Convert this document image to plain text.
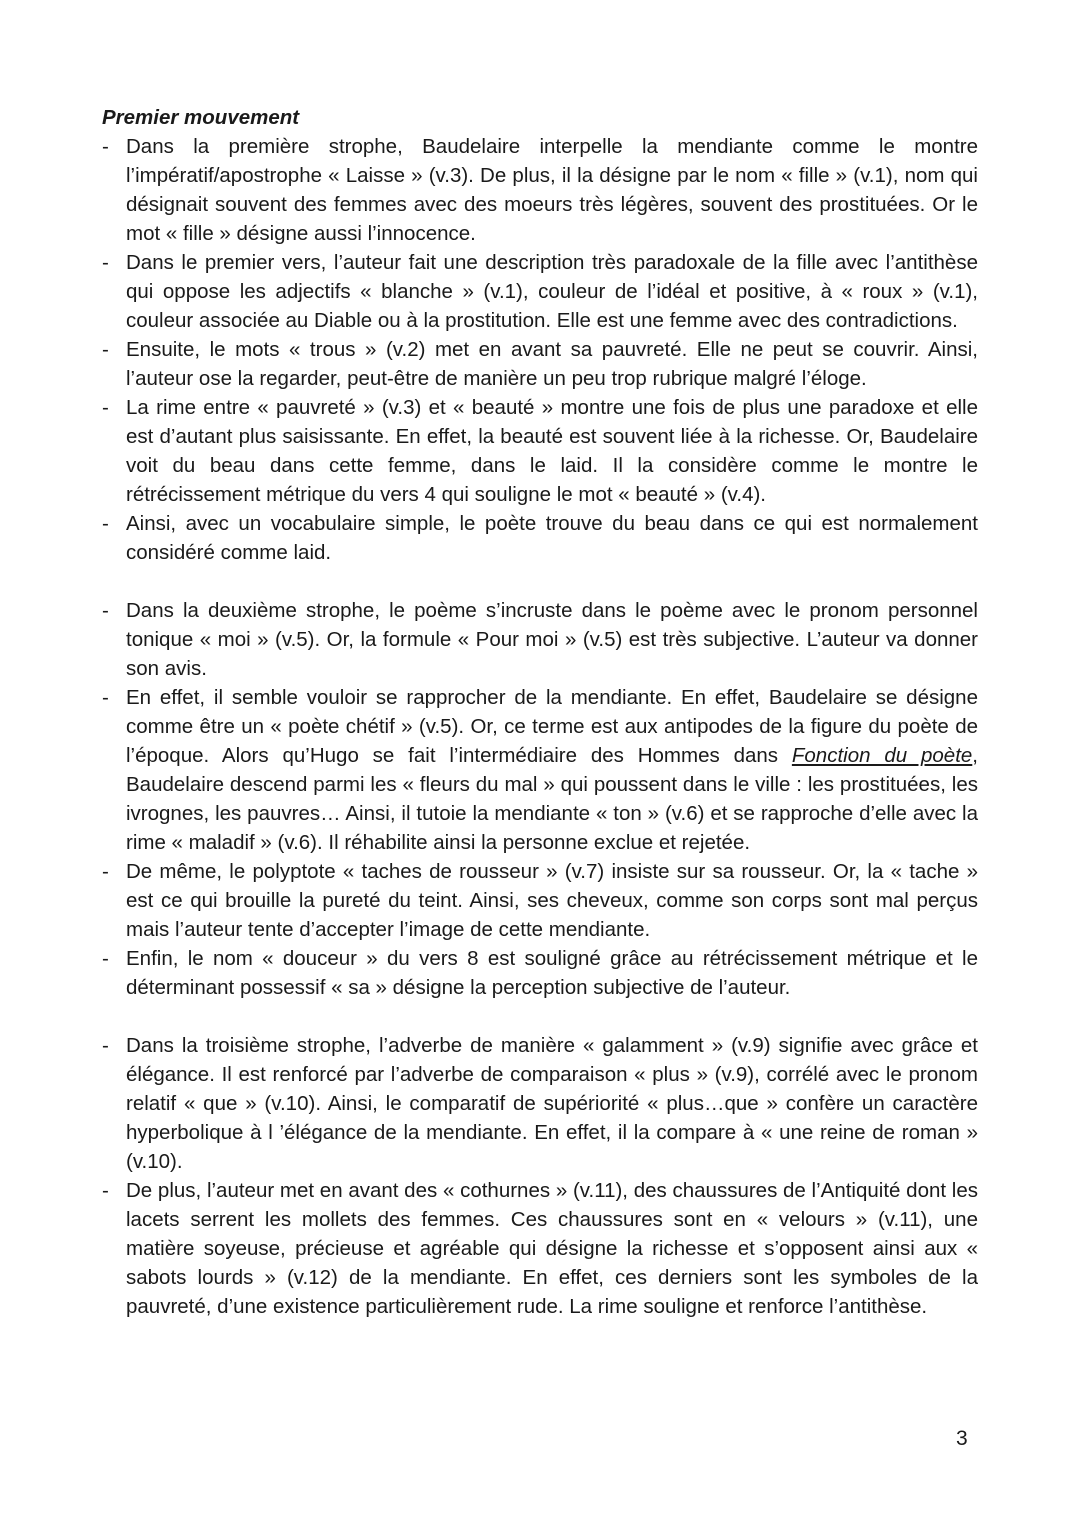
Premier mouvement

- Dans la première strophe, Baudelaire interpelle la mendiante comme le montre l’impératif/apostrophe « Laisse » (v.3). De plus, il la désigne par le nom « fille » (v.1), nom qui désignait souvent des femmes avec des moeurs très légères, souvent des prostituées. Or le mot « fille » désigne aussi l’innocence.
- Dans le premier vers, l’auteur fait une description très paradoxale de la fille avec l’antithèse qui oppose les adjectifs « blanche » (v.1), couleur de l’idéal et positive, à « roux » (v.1), couleur associée au Diable ou à la prostitution. Elle est une femme avec des contradictions.
- Ensuite, le mots « trous » (v.2) met en avant sa pauvreté. Elle ne peut se couvrir. Ainsi, l’auteur ose la regarder, peut-être de manière un peu trop rubrique malgré l’éloge.
- La rime entre « pauvreté » (v.3) et « beauté » montre une fois de plus une paradoxe et elle est d’autant plus saisissante. En effet, la beauté est souvent liée à la richesse. Or, Baudelaire voit du beau dans cette femme, dans le laid. Il la considère comme le montre le rétrécissement métrique du vers 4 qui souligne le mot « beauté » (v.4).
- Ainsi, avec un vocabulaire simple, le poète trouve du beau dans ce qui est normalement considéré comme laid.
- Dans la deuxième strophe, le poème s’incruste dans le poème avec le pronom personnel tonique « moi » (v.5). Or, la formule « Pour moi » (v.5) est très subjective. L’auteur va donner son avis.
- En effet, il semble vouloir se rapprocher de la mendiante. En effet, Baudelaire se désigne comme être un « poète chétif » (v.5). Or, ce terme est aux antipodes de la figure du poète de l’époque. Alors qu’Hugo se fait l’intermédiaire des Hommes dans Fonction du poète, Baudelaire descend parmi les « fleurs du mal » qui poussent dans le ville : les prostituées, les ivrognes, les pauvres… Ainsi, il tutoie la mendiante « ton » (v.6) et se rapproche d’elle avec la rime « maladif » (v.6). Il réhabilite ainsi la personne exclue et rejetée.
- De même, le polyptote « taches de rousseur » (v.7) insiste sur sa rousseur. Or, la « tache » est ce qui brouille la pureté du teint. Ainsi, ses cheveux, comme son corps sont mal perçus mais l’auteur tente d’accepter l’image de cette mendiante.
- Enfin, le nom « douceur » du vers 8 est souligné grâce au rétrécissement métrique et le déterminant possessif « sa » désigne la perception subjective de l’auteur.
- Dans la troisième strophe, l’adverbe de manière « galamment » (v.9) signifie avec grâce et élégance. Il est renforcé par l’adverbe de comparaison « plus » (v.9), corrélé avec le pronom relatif « que » (v.10). Ainsi, le comparatif de supériorité « plus…que » confère un caractère hyperbolique à l ’élégance de la mendiante. En effet, il la compare à « une reine de roman » (v.10).
- De plus, l’auteur met en avant des « cothurnes » (v.11), des chaussures de l’Antiquité dont les lacets serrent les mollets des femmes. Ces chaussures sont en « velours » (v.11), une matière soyeuse, précieuse et agréable qui désigne la richesse et s’opposent ainsi aux « sabots lourds » (v.12) de la mendiante. En effet, ces derniers sont les symboles de la pauvreté, d’une existence particulièrement rude. La rime souligne et renforce l’antithèse.
3
